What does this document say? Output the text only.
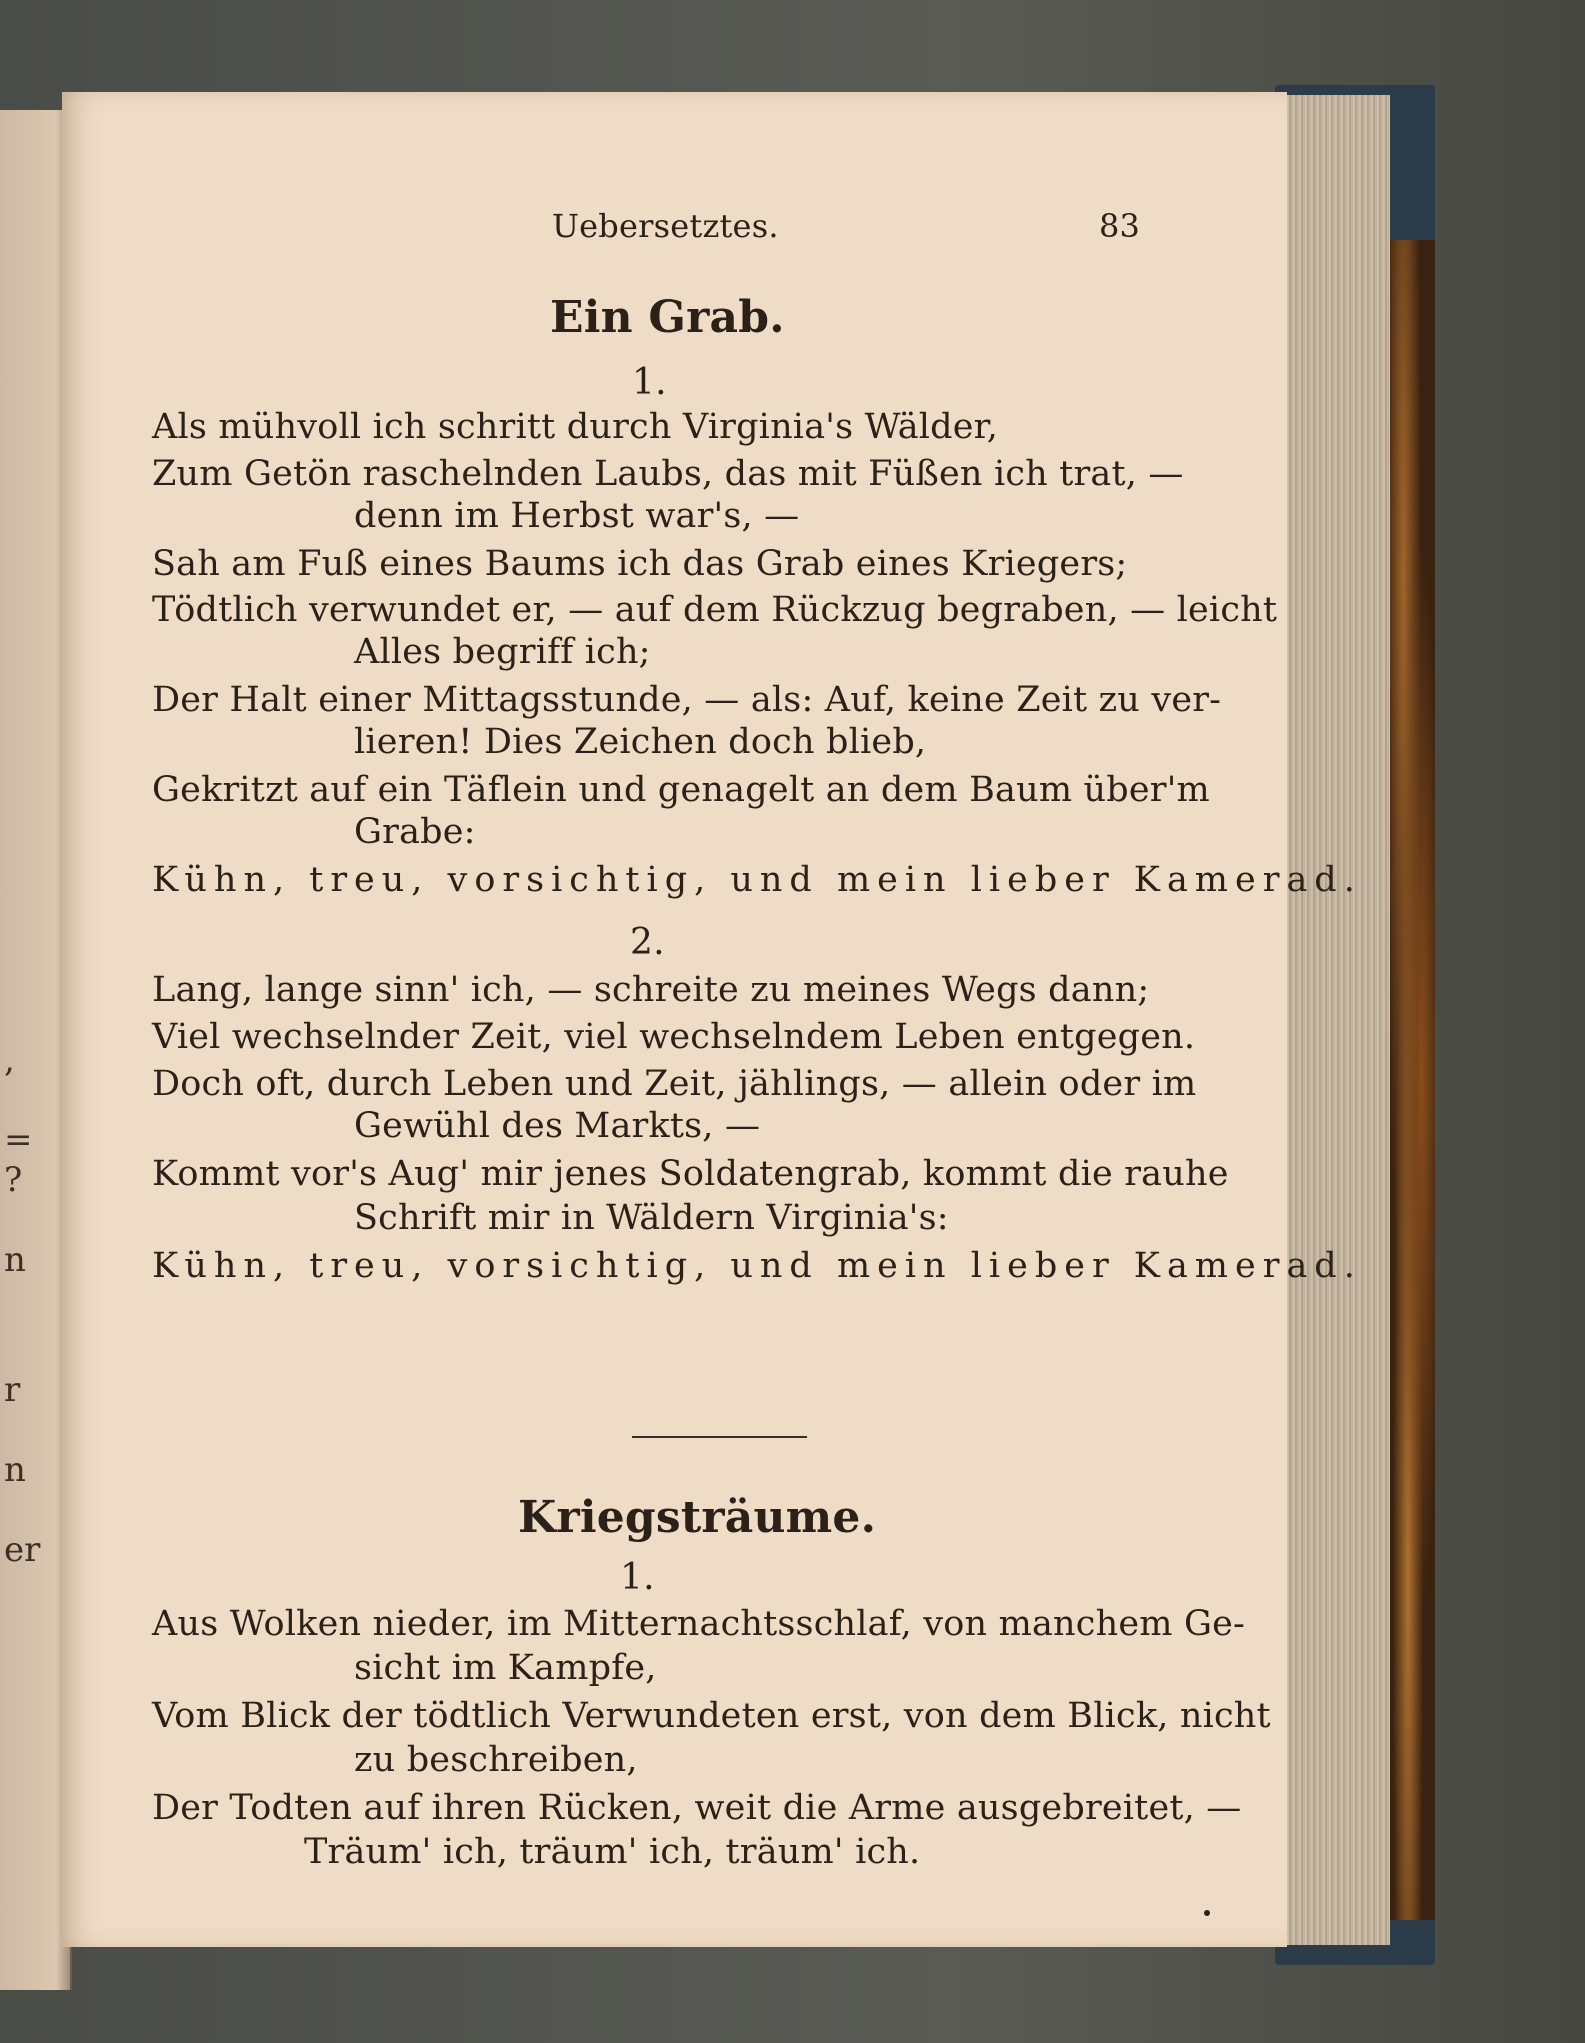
,
=
?
n
r
n
er
Uebersetztes.	83
Ein Grab.
1.
Als mühvoll ich schritt durch Virginia's Wälder,
Zum Getön raschelnden Laubs, das mit Füßen ich trat, —
denn im Herbst war's, —
Sah am Fuß eines Baums ich das Grab eines Kriegers;
Tödtlich verwundet er, — auf dem Rückzug begraben, — leicht
Alles begriff ich;
Der Halt einer Mittagsstunde, — als: Auf, keine Zeit zu ver-
lieren! Dies Zeichen doch blieb,
Gekritzt auf ein Täflein und genagelt an dem Baum über'm
Grabe:
Kühn, treu, vorsichtig, und mein lieber Kamerad.
2.
Lang, lange sinn' ich, — schreite zu meines Wegs dann;
Viel wechselnder Zeit, viel wechselndem Leben entgegen.
Doch oft, durch Leben und Zeit, jählings, — allein oder im
Gewühl des Markts, —
Kommt vor's Aug' mir jenes Soldatengrab, kommt die rauhe
Schrift mir in Wäldern Virginia's:
Kühn, treu, vorsichtig, und mein lieber Kamerad.
Kriegsträume.
1.
Aus Wolken nieder, im Mitternachtsschlaf, von manchem Ge-
sicht im Kampfe,
Vom Blick der tödtlich Verwundeten erst, von dem Blick, nicht
zu beschreiben,
Der Todten auf ihren Rücken, weit die Arme ausgebreitet, —
Träum' ich, träum' ich, träum' ich.
